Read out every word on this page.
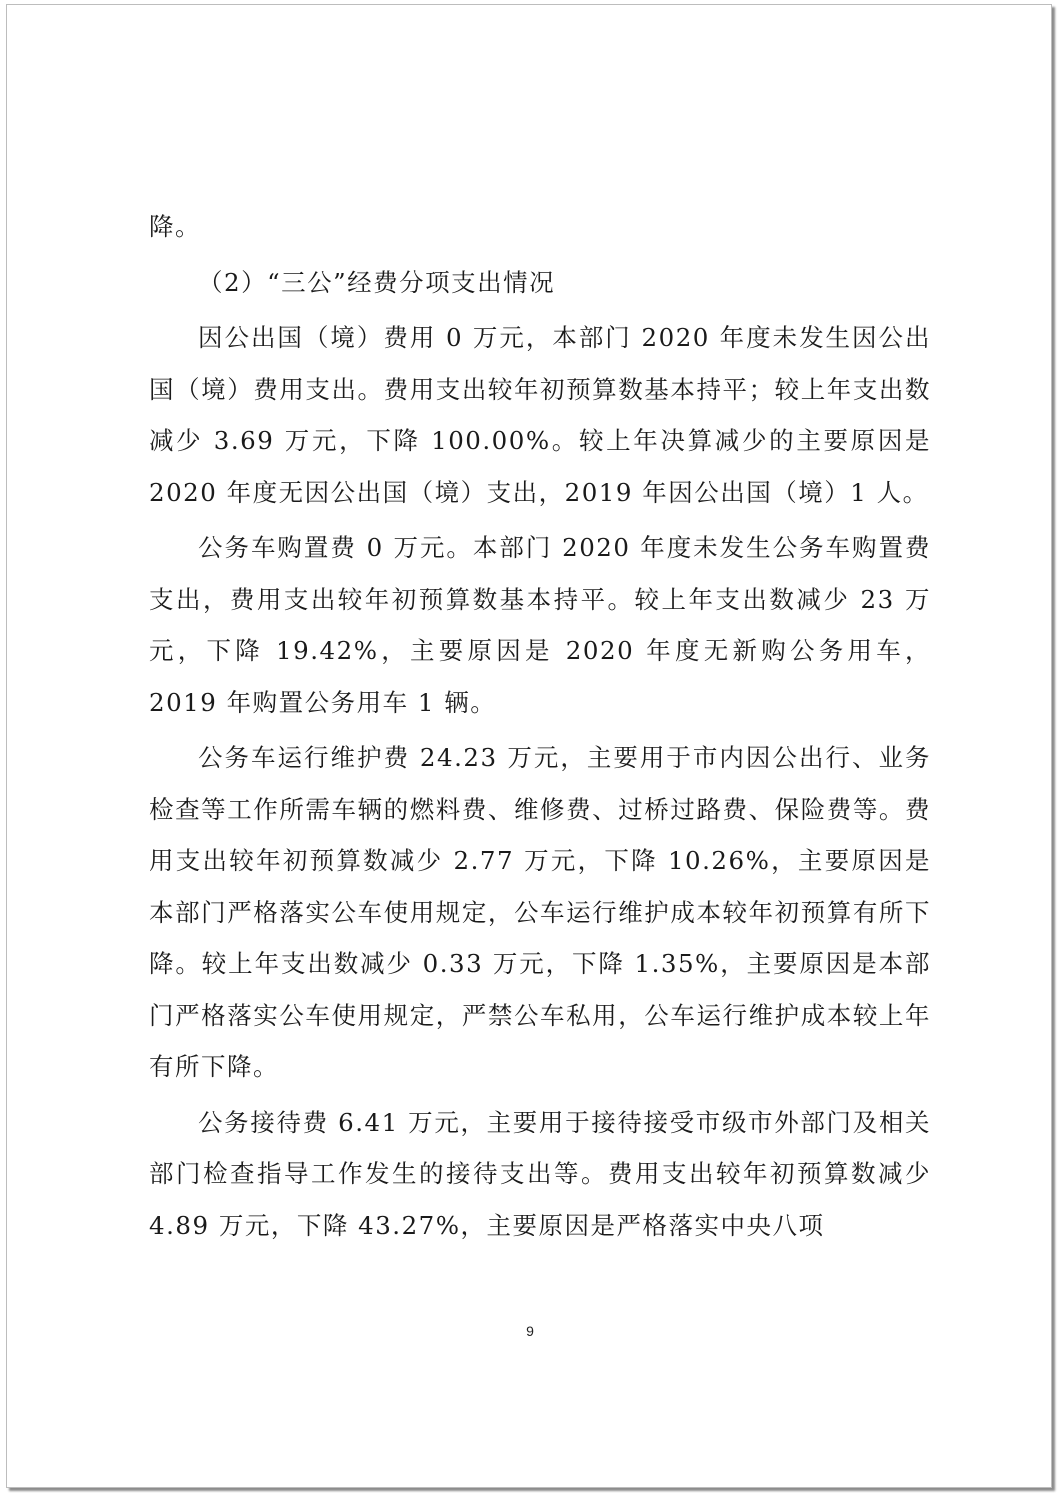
降。

（2）“三公”经费分项支出情况

因公出国（境）费用 0 万元，本部门 2020 年度未发生因公出国（境）费用支出。费用支出较年初预算数基本持平；较上年支出数减少 3.69 万元，下降 100.00%。较上年决算减少的主要原因是 2020 年度无因公出国（境）支出，2019 年因公出国（境）1 人。

公务车购置费 0 万元。本部门 2020 年度未发生公务车购置费支出，费用支出较年初预算数基本持平。较上年支出数减少 23 万元，下降 19.42%，主要原因是 2020 年度无新购公务用车，2019 年购置公务用车 1 辆。

公务车运行维护费 24.23 万元，主要用于市内因公出行、业务检查等工作所需车辆的燃料费、维修费、过桥过路费、保险费等。费用支出较年初预算数减少 2.77 万元，下降 10.26%，主要原因是本部门严格落实公车使用规定，公车运行维护成本较年初预算有所下降。较上年支出数减少 0.33 万元，下降 1.35%，主要原因是本部门严格落实公车使用规定，严禁公车私用，公车运行维护成本较上年有所下降。

公务接待费 6.41 万元，主要用于接待接受市级市外部门及相关部门检查指导工作发生的接待支出等。费用支出较年初预算数减少 4.89 万元，下降 43.27%，主要原因是严格落实中央八项

9
